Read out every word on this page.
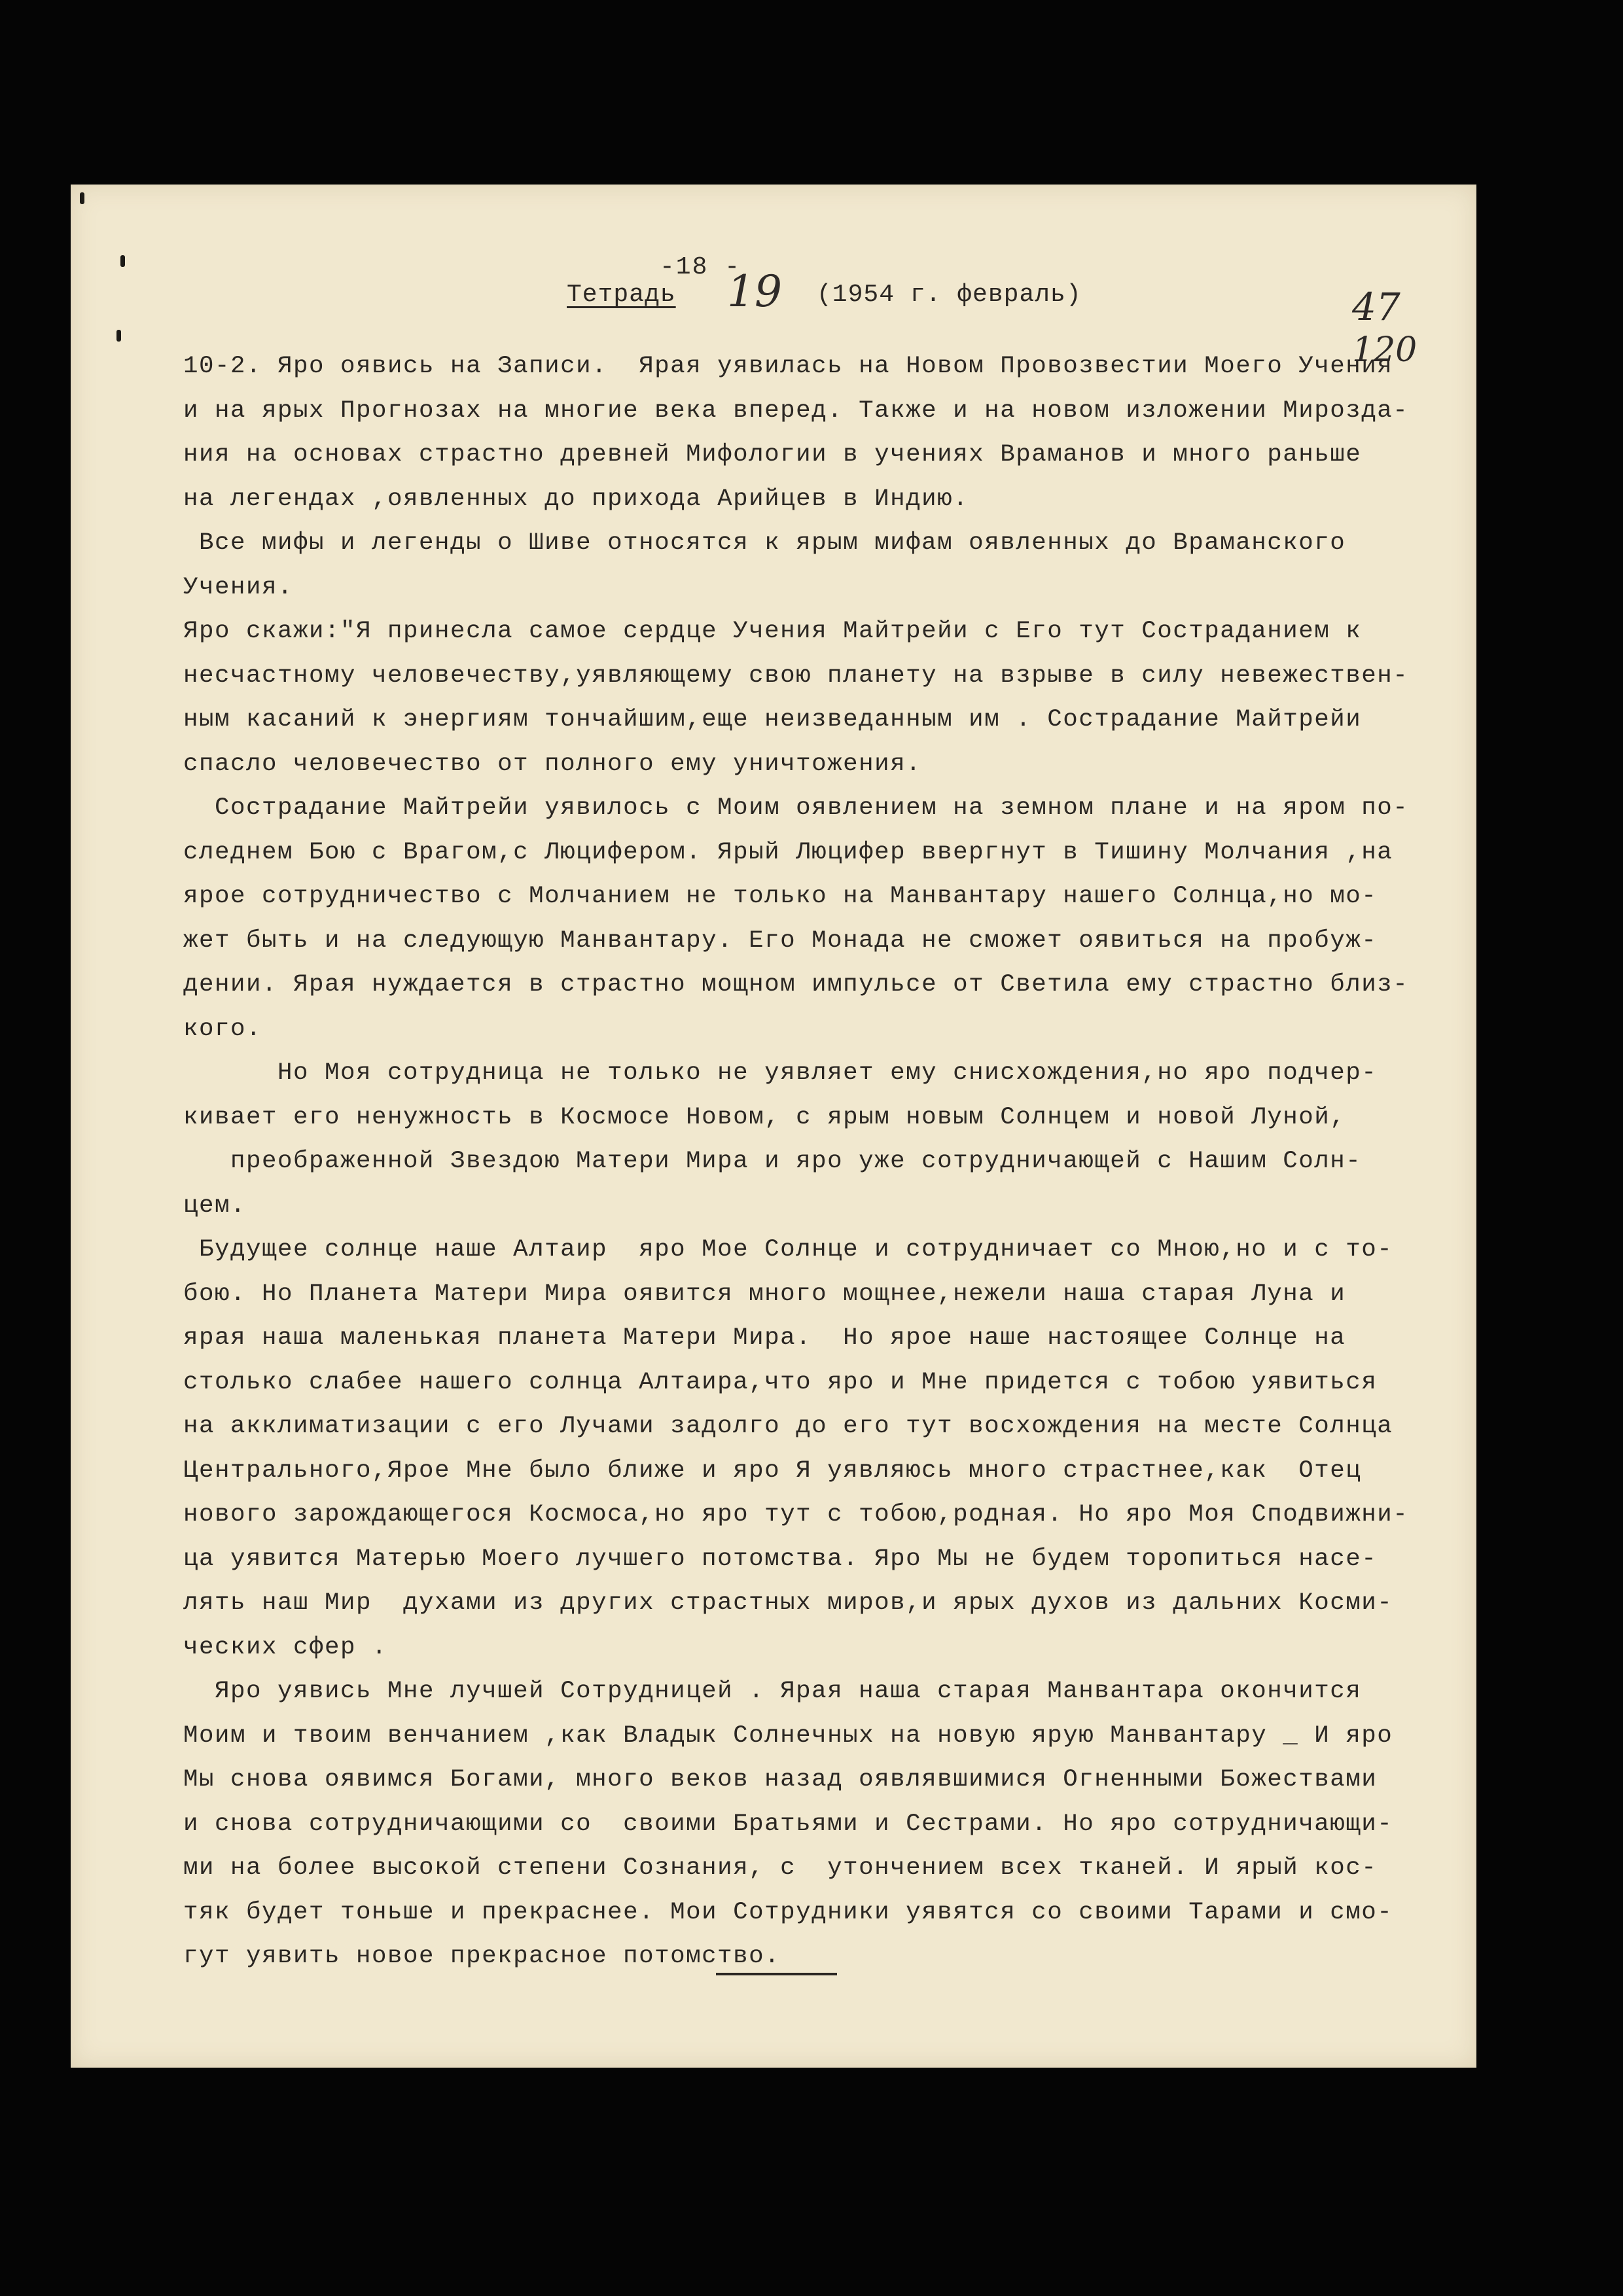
-18 -
Тетрадь 19 (1954 г. февраль)	47
120
10-2. Яро оявись на Записи.  Ярая уявилась на Новом Провозвестии Моего Учения
и на ярых Прогнозах на многие века вперед. Также и на новом изложении Мирозда-
ния на основах страстно древней Мифологии в учениях Враманов и много раньше
на легендах ,оявленных до прихода Арийцев в Индию.
Все мифы и легенды о Шиве относятся к ярым мифам оявленных до Враманского
Учения.
Яро скажи:"Я принесла самое сердце Учения Майтрейи с Его тут Состраданием к
несчастному человечеству,уявляющему свою планету на взрыве в силу невежествен-
ным касаний к энергиям тончайшим,еще неизведанным им . Сострадание Майтрейи
спасло человечество от полного ему уничтожения.
Сострадание Майтрейи уявилось с Моим оявлением на земном плане и на яром по-
следнем Бою с Врагом,с Люцифером. Ярый Люцифер ввергнут в Тишину Молчания ,на
ярое сотрудничество с Молчанием не только на Манвантару нашего Солнца,но мо-
жет быть и на следующую Манвантару. Его Монада не сможет оявиться на пробуж-
дении. Ярая нуждается в страстно мощном импульсе от Светила ему страстно близ-
кого.
Но Моя сотрудница не только не уявляет ему снисхождения,но яро подчер-
кивает его ненужность в Космосе Новом, с ярым новым Солнцем и новой Луной,
преображенной Звездою Матери Мира и яро уже сотрудничающей с Нашим Солн-
цем.
Будущее солнце наше Алтаир  яро Мое Солнце и сотрудничает со Мною,но и с то-
бою. Но Планета Матери Мира оявится много мощнее,нежели наша старая Луна и
ярая наша маленькая планета Матери Мира.  Но ярое наше настоящее Солнце на
столько слабее нашего солнца Алтаира,что яро и Мне придется с тобою уявиться
на акклиматизации с его Лучами задолго до его тут восхождения на месте Солнца
Центрального,Ярое Мне было ближе и яро Я уявляюсь много страстнее,как  Отец
нового зарождающегося Космоса,но яро тут с тобою,родная. Но яро Моя Сподвижни-
ца уявится Матерью Моего лучшего потомства. Яро Мы не будем торопиться насе-
лять наш Мир  духами из других страстных миров,и ярых духов из дальних Косми-
ческих сфер .
Яро уявись Мне лучшей Сотрудницей . Ярая наша старая Манвантара окончится
Моим и твоим венчанием ,как Владык Солнечных на новую ярую Манвантару _ И яро
Мы снова оявимся Богами, много веков назад оявлявшимися Огненными Божествами
и снова сотрудничающими со  своими Братьями и Сестрами. Но яро сотрудничающи-
ми на более высокой степени Сознания, с  утончением всех тканей. И ярый кос-
тяк будет тоньше и прекраснее. Мои Сотрудники уявятся со своими Тарами и смо-
гут уявить новое прекрасное потомство.
